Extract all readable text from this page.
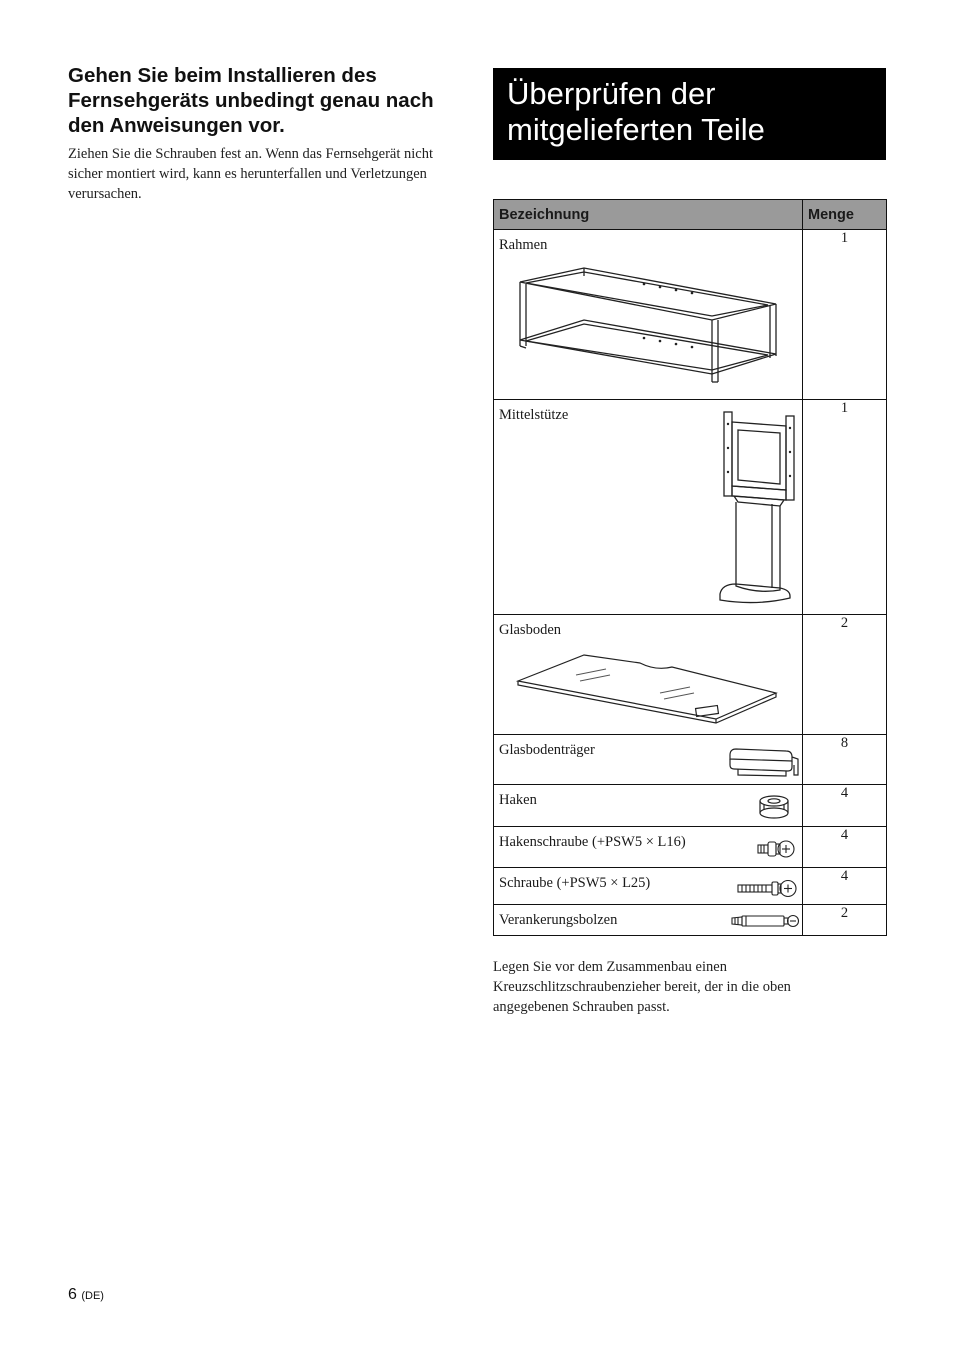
Gehen Sie beim Installieren des Fernsehgeräts unbedingt genau nach den Anweisungen vor.

Ziehen Sie die Schrauben fest an. Wenn das Fernsehgerät nicht sicher montiert wird, kann es herunterfallen und Verletzungen verursachen.

Überprüfen der mitgelieferten Teile
Bezeichnung	Menge

Rahmen	1

Mittelstütze	1

Glasboden	2

Glasbodenträger	8

Haken	4

Hakenschraube (+PSW5 × L16)	4

Schraube (+PSW5 × L25)	4

Verankerungsbolzen	2

Legen Sie vor dem Zusammenbau einen Kreuzschlitzschraubenzieher bereit, der in die oben angegebenen Schrauben passt.

6 (DE)
